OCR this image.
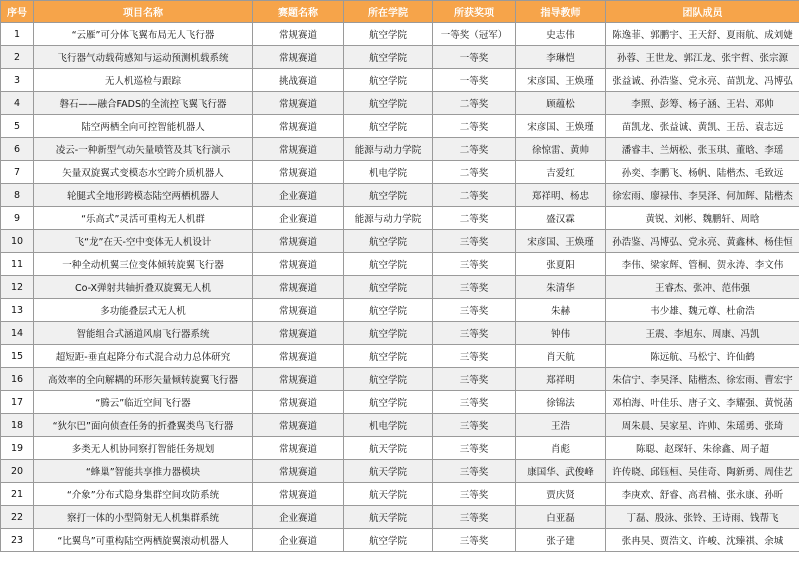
序号	项目名称	赛题名称	所在学院	所获奖项	指导教师	团队成员
1	“云雁”可分体飞翼布局无人飞行器	常规赛道	航空学院	一等奖（冠军）	史志伟	陈逸菲、郭鹏宇、王天舒、夏雨航、成刘婕
2	飞行器气动载荷感知与运动预测机载系统	常规赛道	航空学院	一等奖	李琳恺	孙蓉、王世龙、郭江龙、张宇哲、张宗源
3	无人机巡检与跟踪	挑战赛道	航空学院	一等奖	宋彦国、王焕瑾	张益诚、孙浩鉴、党永亮、苗凯龙、冯博弘
4	磐石——融合FADS的全流控飞翼飞行器	常规赛道	航空学院	二等奖	顾蕴松	李照、彭筹、杨子涵、王岩、邓帅
5	陆空两栖全向可控智能机器人	常规赛道	航空学院	二等奖	宋彦国、王焕瑾	苗凯龙、张益诚、黄凯、王岳、袁志远
6	凌云-一种新型气动矢量喷管及其飞行演示	常规赛道	能源与动力学院	二等奖	徐惊雷、黄帅	潘睿丰、兰炳松、张玉琪、董晗、李瑶
7	矢量双旋翼式变模态水空跨介质机器人	常规赛道	机电学院	二等奖	吉爱红	孙奕、李鹏飞、杨帆、陆楷杰、毛致远
8	轮腿式全地形跨模态陆空两栖机器人	企业赛道	航空学院	二等奖	郑祥明、杨忠	徐宏雨、廖禄伟、李昊泽、何加辉、陆楷杰
9	“乐高式”灵活可重构无人机群	企业赛道	能源与动力学院	二等奖	盛汉霖	黄锐、刘彬、魏鹏轩、周晗
10	飞“龙”在天-空中变体无人机设计	常规赛道	航空学院	三等奖	宋彦国、王焕瑾	孙浩鉴、冯博弘、党永亮、黄鑫林、杨佳恒
11	一种全动机翼三位变体倾转旋翼飞行器	常规赛道	航空学院	三等奖	张夏阳	李伟、梁家辉、管桐、贺永涛、李文伟
12	Co-X弹射共轴折叠双旋翼无人机	常规赛道	航空学院	三等奖	朱清华	王睿杰、张冲、范伟强
13	多功能叠层式无人机	常规赛道	航空学院	三等奖	朱赫	韦少雄、魏元尊、杜俞浩
14	智能组合式涵道风扇飞行器系统	常规赛道	航空学院	三等奖	钟伟	王震、李旭东、周康、冯凯
15	超短距-垂直起降分布式混合动力总体研究	常规赛道	航空学院	三等奖	肖天航	陈远航、马松宁、许仙鹤
16	高效率的全向解耦的环形矢量倾转旋翼飞行器	常规赛道	航空学院	三等奖	郑祥明	朱信宁、李昊泽、陆楷杰、徐宏雨、曹宏宇
17	“腾云”临近空间飞行器	常规赛道	航空学院	三等奖	徐锦法	邓柏海、叶佳乐、唐子文、李耀强、黄悦菡
18	“狄尔巴”面向侦查任务的折叠翼类鸟飞行器	常规赛道	机电学院	三等奖	王浩	周朱晨、吴家星、许帅、朱瑶勇、张琦
19	多类无人机协同察打智能任务规划	常规赛道	航天学院	三等奖	肖彪	陈聪、赵琛轩、朱徐鑫、周子超
20	“蜂巢”智能共享推力器模块	常规赛道	航天学院	三等奖	康国华、武俊峰	许传晓、邱钰桓、吴佳奇、陶新勇、周佳艺
21	“介象”分布式隐身集群空间攻防系统	常规赛道	航天学院	三等奖	贾庆贤	李庚欢、舒睿、高君楠、张永康、孙昕
22	察打一体的小型筒射无人机集群系统	企业赛道	航天学院	三等奖	白亚磊	丁磊、殷泳、张铃、王诗雨、钱帮飞
23	“比翼鸟”可重构陆空两栖旋翼滚动机器人	企业赛道	航空学院	三等奖	张子建	张冉昊、贾浩文、许峻、沈臻祺、余城
